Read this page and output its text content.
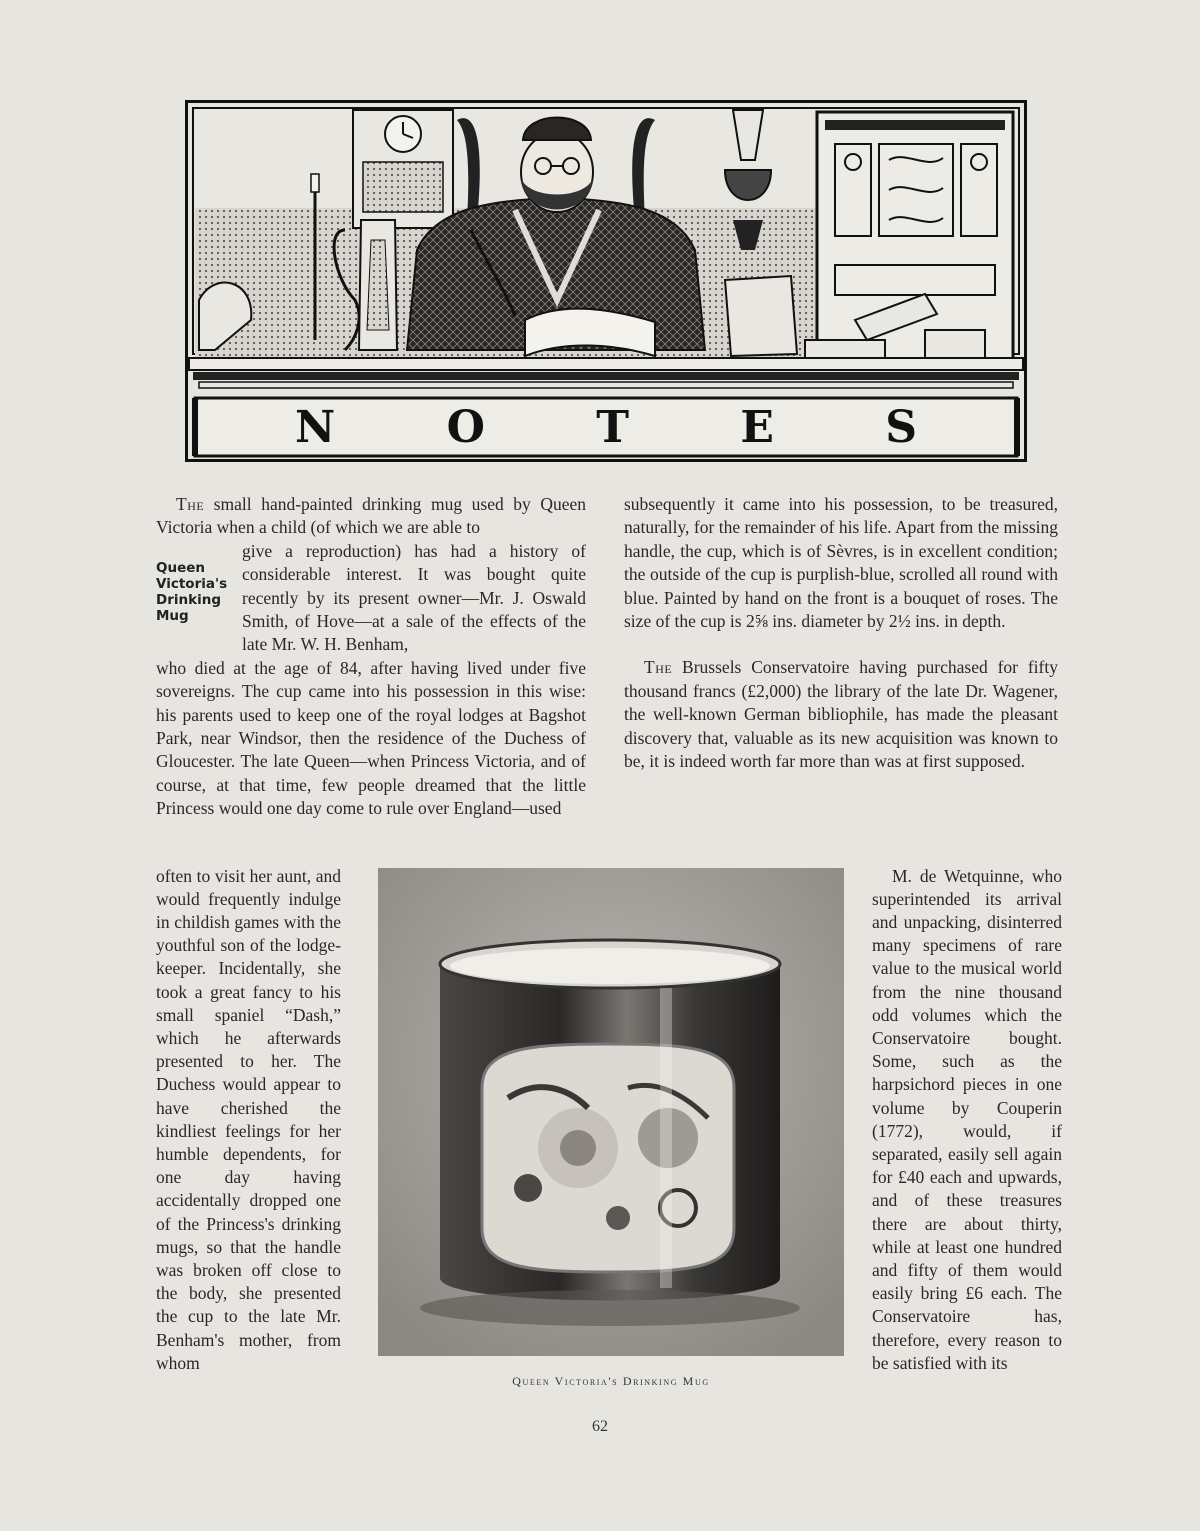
N	O	T	E	S

The small hand-painted drinking mug used by Queen Victoria when a child (of which we are able to

Queen Victoria's Drinking Mug

give a reproduction) has had a history of considerable interest. It was bought quite recently by its present owner—Mr. J. Oswald Smith, of Hove—at a sale of the effects of the late Mr. W. H. Benham,

who died at the age of 84, after having lived under five sovereigns. The cup came into his possession in this wise: his parents used to keep one of the royal lodges at Bagshot Park, near Windsor, then the residence of the Duchess of Gloucester. The late Queen—when Princess Victoria, and of course, at that time, few people dreamed that the little Princess would one day come to rule over England—used

often to visit her aunt, and would frequently indulge in childish games with the youthful son of the lodge-keeper. Incidentally, she took a great fancy to his small spaniel “Dash,” which he afterwards presented to her. The Duchess would appear to have cherished the kindliest feelings for her humble dependents, for one day having accidentally dropped one of the Princess's drinking mugs, so that the handle was broken off close to the body, she presented the cup to the late Mr. Benham's mother, from whom

subsequently it came into his possession, to be treasured, naturally, for the remainder of his life. Apart from the missing handle, the cup, which is of Sèvres, is in excellent condition; the outside of the cup is purplish-blue, scrolled all round with blue. Painted by hand on the front is a bouquet of roses. The size of the cup is 2⅝ ins. diameter by 2½ ins. in depth.

The Brussels Conservatoire having purchased for fifty thousand francs (£2,000) the library of the late Dr. Wagener, the well-known German bibliophile, has made the pleasant discovery that, valuable as its new acquisition was known to be, it is indeed worth far more than was at first supposed.

M. de Wetquinne, who superintended its arrival and unpacking, disinterred many specimens of rare value to the musical world from the nine thousand odd volumes which the Conservatoire bought. Some, such as the harpsichord pieces in one volume by Couperin (1772), would, if separated, easily sell again for £40 each and upwards, and of these treasures there are about thirty, while at least one hundred and fifty of them would easily bring £6 each. The Conservatoire has, therefore, every reason to be satisfied with its

Queen Victoria's Drinking Mug
62
